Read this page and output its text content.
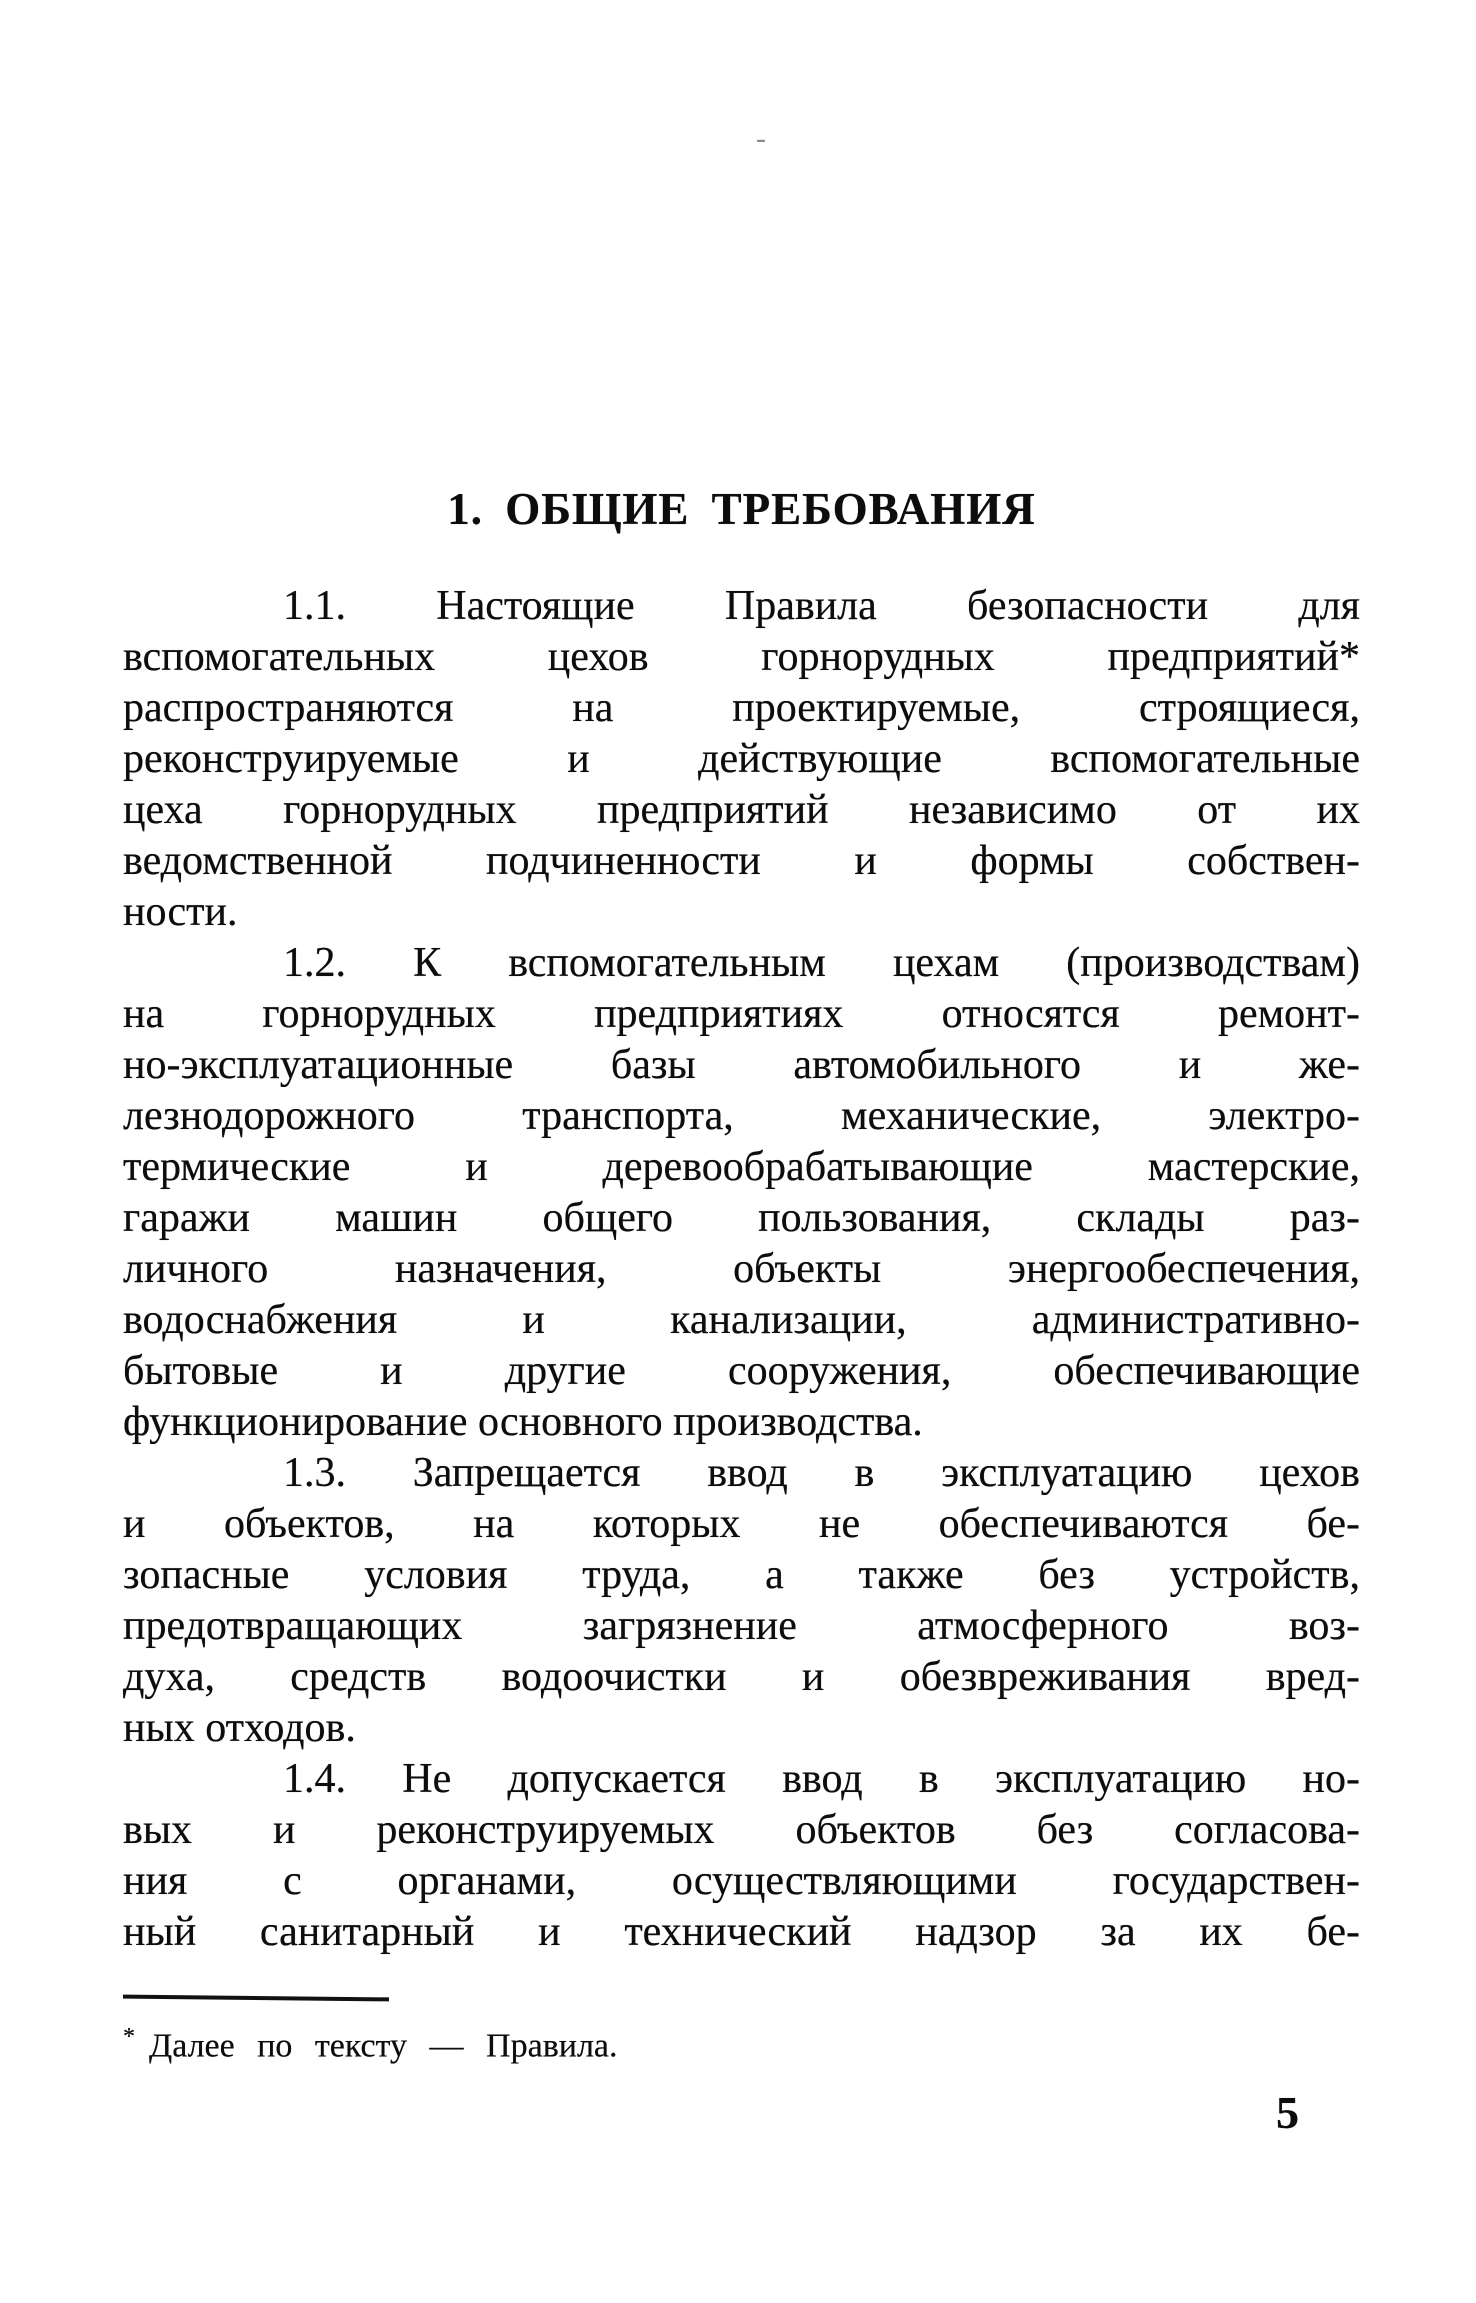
-
1. ОБЩИЕ ТРЕБОВАНИЯ
1.1. Настоящие Правила безопасности для
вспомогательных цехов горнорудных предприятий*
распространяются на проектируемые, строящиеся,
реконструируемые и действующие вспомогательные
цеха горнорудных предприятий независимо от их
ведомственной подчиненности и формы собствен-
ности.
1.2. К вспомогательным цехам (производствам)
на горнорудных предприятиях относятся ремонт-
но-эксплуатационные базы автомобильного и же-
лезнодорожного транспорта, механические, электро-
термические и деревообрабатывающие мастерские,
гаражи машин общего пользования, склады раз-
личного назначения, объекты энергообеспечения,
водоснабжения и канализации, административно-
бытовые и другие сооружения, обеспечивающие
функционирование основного производства.
1.3. Запрещается ввод в эксплуатацию цехов
и объектов, на которых не обеспечиваются бе-
зопасные условия труда, а также без устройств,
предотвращающих загрязнение атмосферного воз-
духа, средств водоочистки и обезвреживания вред-
ных отходов.
1.4. Не допускается ввод в эксплуатацию но-
вых и реконструируемых объектов без согласова-
ния с органами, осуществляющими государствен-
ный санитарный и технический надзор за их бе-
* Далее по тексту — Правила.
5
